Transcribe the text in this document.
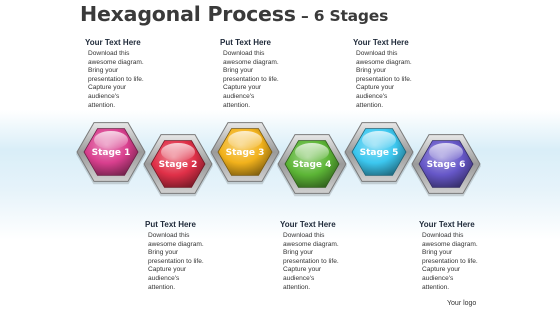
Hexagonal Process – 6 Stages
Your Text Here
Download this
awesome diagram.
Bring your
presentation to life.
Capture your
audience's
attention.
Put Text Here
Download this
awesome diagram.
Bring your
presentation to life.
Capture your
audience's
attention.
Your Text Here
Download this
awesome diagram.
Bring your
presentation to life.
Capture your
audience's
attention.
Put Text Here
Download this
awesome diagram.
Bring your
presentation to life.
Capture your
audience's
attention.
Your Text Here
Download this
awesome diagram.
Bring your
presentation to life.
Capture your
audience's
attention.
Your Text Here
Download this
awesome diagram.
Bring your
presentation to life.
Capture your
audience's
attention.
Stage 1
Stage 2
Stage 3
Stage 4
Stage 5
Stage 6
Your logo
